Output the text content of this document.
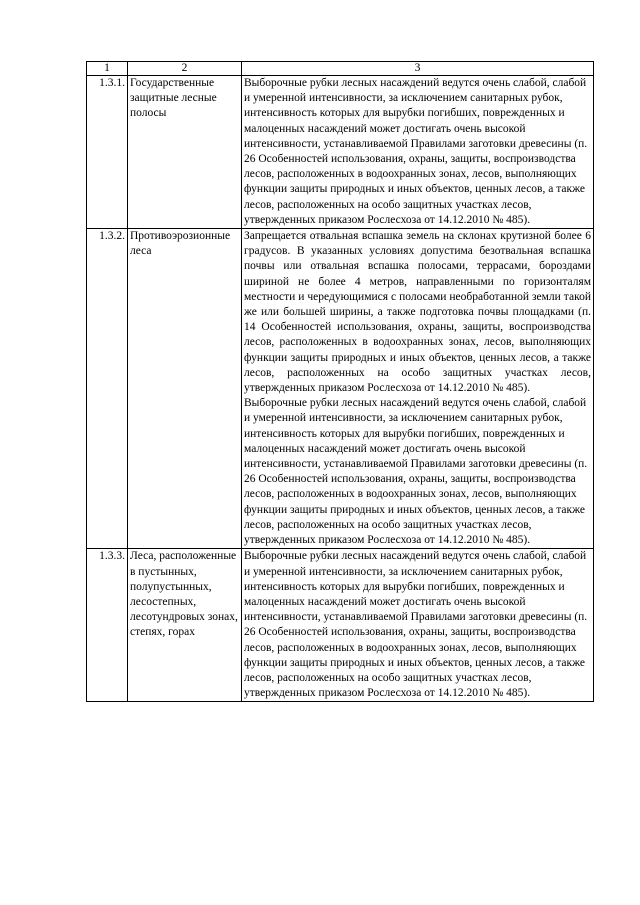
1	2	3
1.3.1.	Государственные защитные лесные полосы	Выборочные рубки лесных насаждений ведутся очень слабой, слабой и умеренной интенсивности, за исключением санитарных рубок, интенсивность которых для вырубки погибших, поврежденных и малоценных насаждений может достигать очень высокой интенсивности, устанавливаемой Правилами заготовки древесины (п. 26 Особенностей использования, охраны, защиты, воспроизводства лесов, расположенных в водоохранных зонах, лесов, выполняющих функции защиты природных и иных объектов, ценных лесов, а также лесов, расположенных на особо защитных участках лесов, утвержденных приказом Рослесхоза от 14.12.2010 № 485).

1.3.2.	Противоэрозионные леса	Запрещается отвальная вспашка земель на склонах крутизной более 6 градусов. В указанных условиях допустима безотвальная вспашка почвы или отвальная вспашка полосами, террасами, бороздами шириной не более 4 метров, направленными по горизонталям местности и чередующимися с полосами необработанной земли такой же или большей ширины, а также подготовка почвы площадками (п. 14 Особенностей использования, охраны, защиты, воспроизводства лесов, расположенных в водоохранных зонах, лесов, выполняющих функции защиты природных и иных объектов, ценных лесов, а также лесов, расположенных на особо защитных участках лесов, утвержденных приказом Рослесхоза от 14.12.2010 № 485).
Выборочные рубки лесных насаждений ведутся очень слабой, слабой и умеренной интенсивности, за исключением санитарных рубок, интенсивность которых для вырубки погибших, поврежденных и малоценных насаждений может достигать очень высокой интенсивности, устанавливаемой Правилами заготовки древесины (п. 26 Особенностей использования, охраны, защиты, воспроизводства лесов, расположенных в водоохранных зонах, лесов, выполняющих функции защиты природных и иных объектов, ценных лесов, а также лесов, расположенных на особо защитных участках лесов, утвержденных приказом Рослесхоза от 14.12.2010 № 485).

1.3.3.	Леса, расположенные в пустынных, полупустынных, лесостепных, лесотундровых зонах, степях, горах	Выборочные рубки лесных насаждений ведутся очень слабой, слабой и умеренной интенсивности, за исключением санитарных рубок, интенсивность которых для вырубки погибших, поврежденных и малоценных насаждений может достигать очень высокой интенсивности, устанавливаемой Правилами заготовки древесины (п. 26 Особенностей использования, охраны, защиты, воспроизводства лесов, расположенных в водоохранных зонах, лесов, выполняющих функции защиты природных и иных объектов, ценных лесов, а также лесов, расположенных на особо защитных участках лесов, утвержденных приказом Рослесхоза от 14.12.2010 № 485).
